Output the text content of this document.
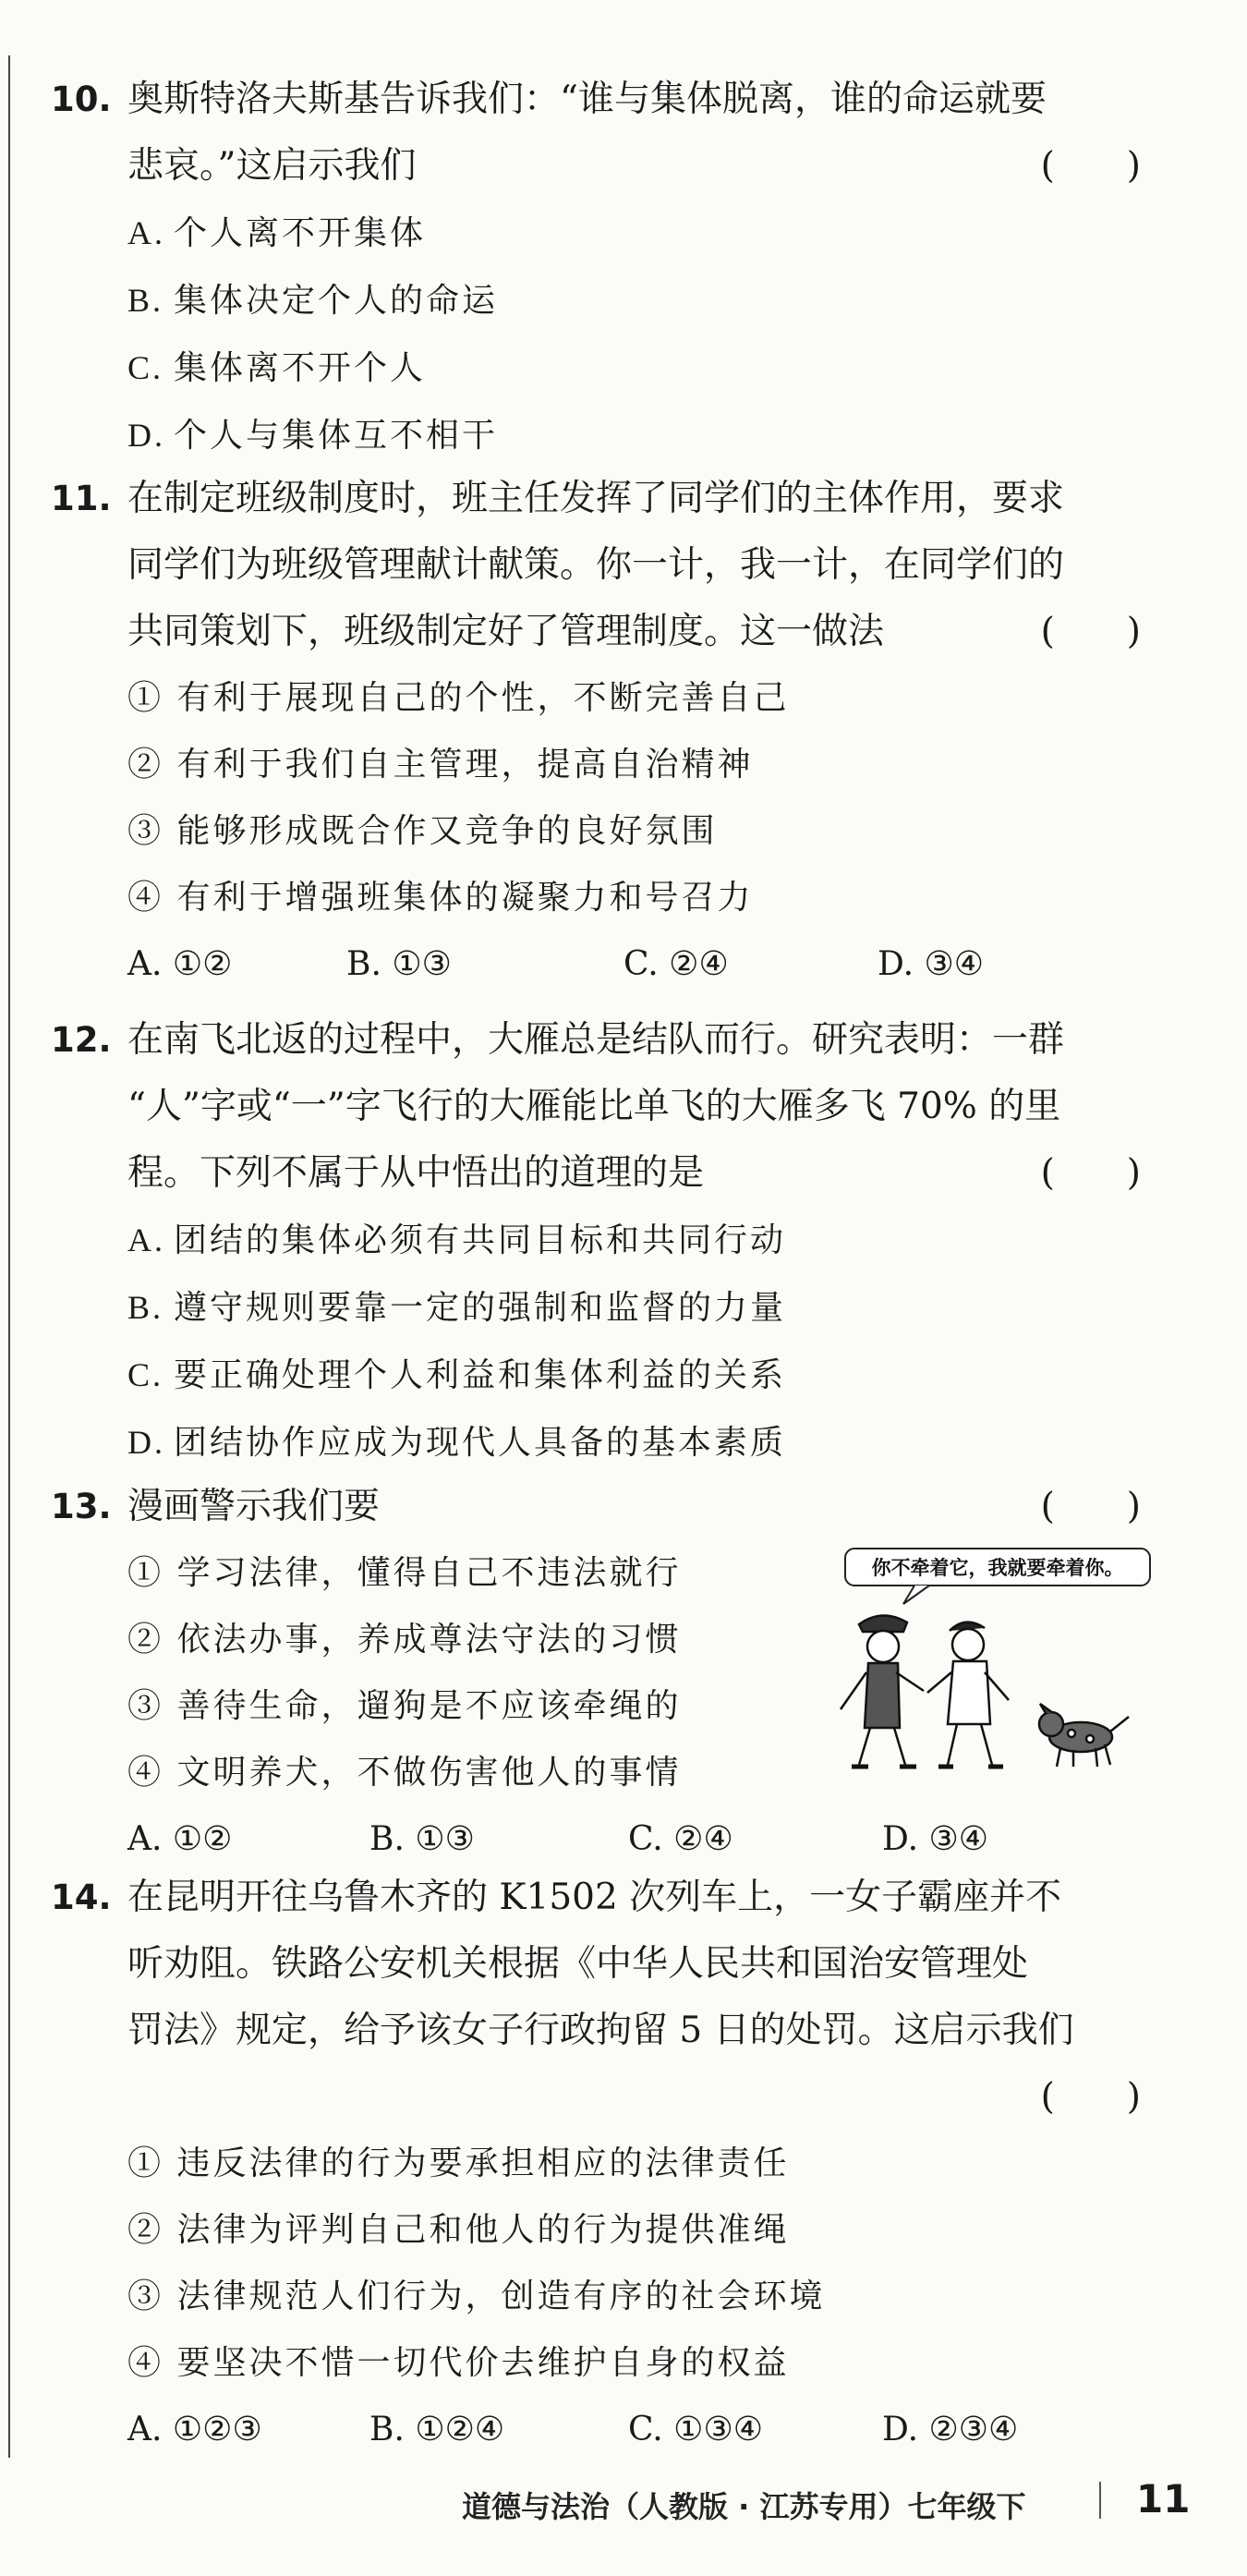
10. 奥斯特洛夫斯基告诉我们：“谁与集体脱离，谁的命运就要
悲哀。”这启示我们	(　　)
A. 个人离不开集体
B. 集体决定个人的命运
C. 集体离不开个人
D. 个人与集体互不相干
11. 在制定班级制度时，班主任发挥了同学们的主体作用，要求
同学们为班级管理献计献策。你一计，我一计，在同学们的
共同策划下，班级制定好了管理制度。这一做法	(　　)
① 有利于展现自己的个性，不断完善自己
② 有利于我们自主管理，提高自治精神
③ 能够形成既合作又竞争的良好氛围
④ 有利于增强班集体的凝聚力和号召力
A. ①②	B. ①③	C. ②④	D. ③④
12. 在南飞北返的过程中，大雁总是结队而行。研究表明：一群
“人”字或“一”字飞行的大雁能比单飞的大雁多飞 70% 的里
程。下列不属于从中悟出的道理的是	(　　)
A. 团结的集体必须有共同目标和共同行动
B. 遵守规则要靠一定的强制和监督的力量
C. 要正确处理个人利益和集体利益的关系
D. 团结协作应成为现代人具备的基本素质
13. 漫画警示我们要	(　　)
① 学习法律，懂得自己不违法就行
② 依法办事，养成尊法守法的习惯
③ 善待生命，遛狗是不应该牵绳的
④ 文明养犬，不做伤害他人的事情
A. ①②	B. ①③	C. ②④	D. ③④
你不牵着它，我就要牵着你。
14. 在昆明开往乌鲁木齐的 K1502 次列车上，一女子霸座并不
听劝阻。铁路公安机关根据《中华人民共和国治安管理处
罚法》规定，给予该女子行政拘留 5 日的处罚。这启示我们
(　　)
① 违反法律的行为要承担相应的法律责任
② 法律为评判自己和他人的行为提供准绳
③ 法律规范人们行为，创造有序的社会环境
④ 要坚决不惜一切代价去维护自身的权益
A. ①②③	B. ①②④	C. ①③④	D. ②③④
道德与法治（人教版 · 江苏专用）七年级下	11
